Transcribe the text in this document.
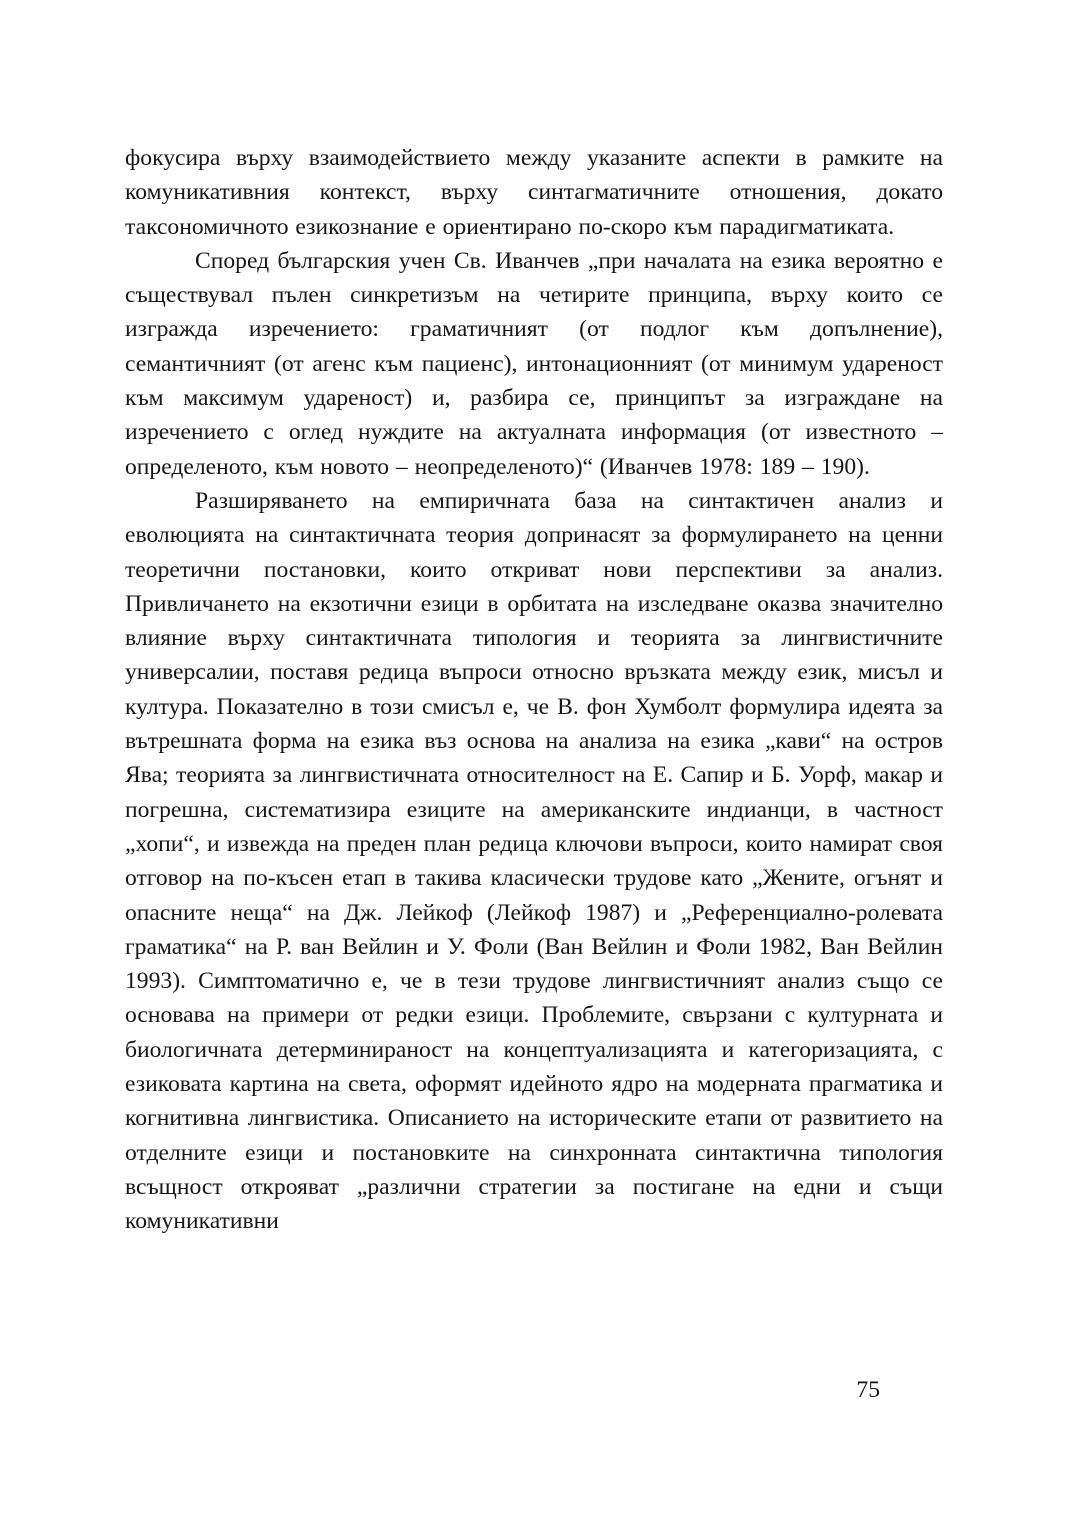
фокусира върху взаимодействието между указаните аспекти в рамките на комуникативния контекст, върху синтагматичните отношения, докато таксономичното езикознание е ориентирано по-скоро към парадигматиката.

Според българския учен Св. Иванчев „при началата на езика вероятно е съществувал пълен синкретизъм на четирите принципа, върху които се изгражда изречението: граматичният (от подлог към допълнение), семантичният (от агенс към пациенс), интонационният (от минимум удареност към максимум удареност) и, разбира се, принципът за изграждане на изречението с оглед нуждите на актуалната информация (от известното – определеното, към новото – неопределеното)“ (Иванчев 1978: 189 – 190).

Разширяването на емпиричната база на синтактичен анализ и еволюцията на синтактичната теория допринасят за формулирането на ценни теоретични постановки, които откриват нови перспективи за анализ. Привличането на екзотични езици в орбитата на изследване оказва значително влияние върху синтактичната типология и теорията за лингвистичните универсалии, поставя редица въпроси относно връзката между език, мисъл и култура. Показателно в този смисъл е, че В. фон Хумболт формулира идеята за вътрешната форма на езика въз основа на анализа на езика „кави“ на остров Ява; теорията за лингвистичната относителност на Е. Сапир и Б. Уорф, макар и погрешна, систематизира езиците на американските индианци, в частност „хопи“, и извежда на преден план редица ключови въпроси, които намират своя отговор на по-късен етап в такива класически трудове като „Жените, огънят и опасните неща“ на Дж. Лейкоф (Лейкоф 1987) и „Референциално-ролевата граматика“ на Р. ван Вейлин и У. Фоли (Ван Вейлин и Фоли 1982, Ван Вейлин 1993). Симптоматично е, че в тези трудове лингвистичният анализ също се основава на примери от редки езици. Проблемите, свързани с културната и биологичната детерминираност на концептуализацията и категоризацията, с езиковата картина на света, оформят идейното ядро на модерната прагматика и когнитивна лингвистика. Описанието на историческите етапи от развитието на отделните езици и постановките на синхронната синтактична типология всъщност открояват „различни стратегии за постигане на едни и същи комуникативни

75
